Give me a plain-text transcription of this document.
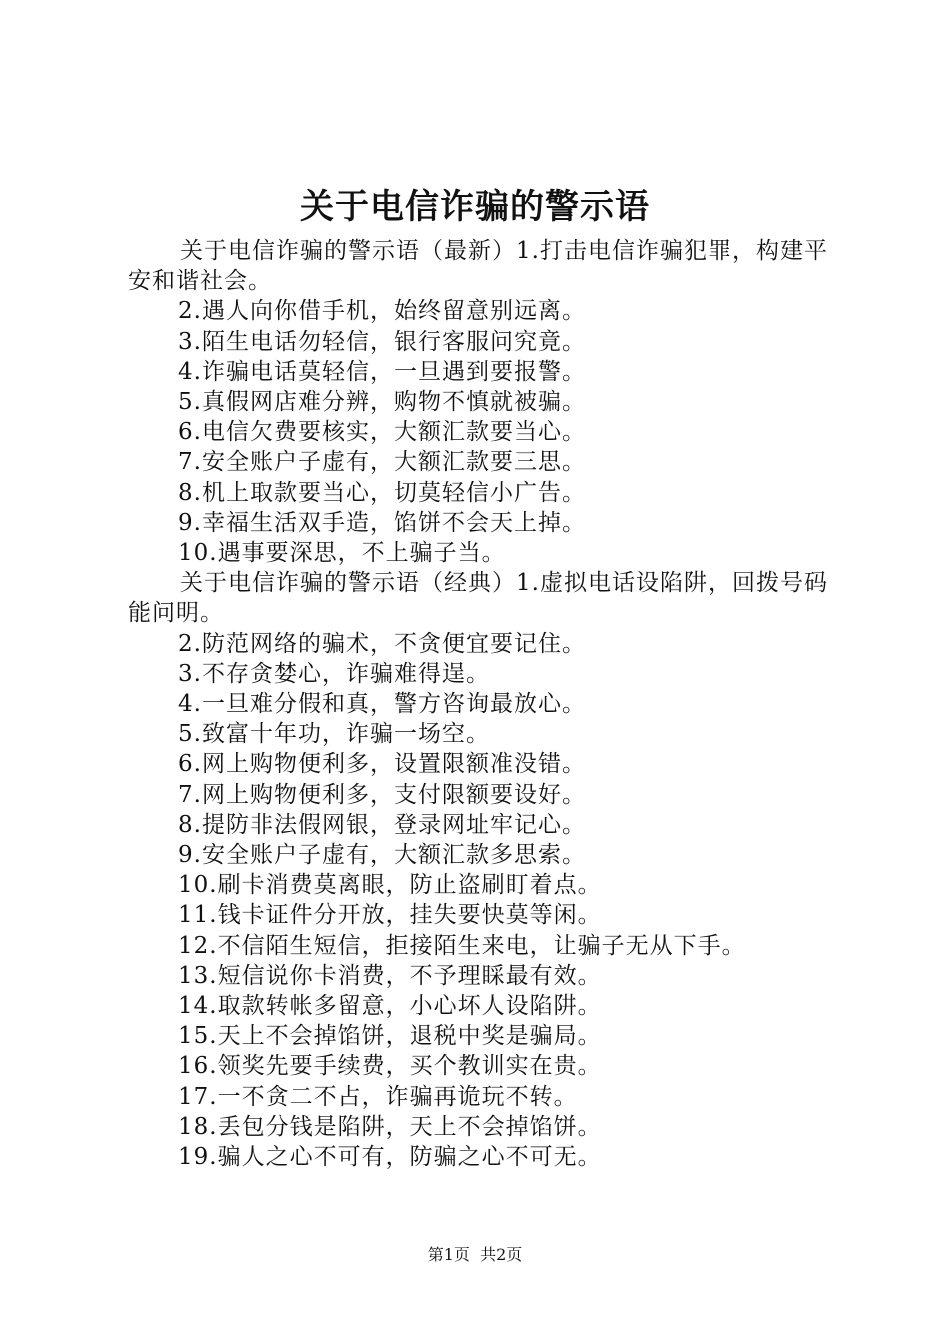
关于电信诈骗的警示语

关于电信诈骗的警示语（最新）1.打击电信诈骗犯罪，构建平安和谐社会。

2.遇人向你借手机，始终留意别远离。

3.陌生电话勿轻信，银行客服问究竟。

4.诈骗电话莫轻信，一旦遇到要报警。

5.真假网店难分辨，购物不慎就被骗。

6.电信欠费要核实，大额汇款要当心。

7.安全账户子虚有，大额汇款要三思。

8.机上取款要当心，切莫轻信小广告。

9.幸福生活双手造，馅饼不会天上掉。

10.遇事要深思，不上骗子当。

关于电信诈骗的警示语（经典）1.虚拟电话设陷阱，回拨号码能问明。

2.防范网络的骗术，不贪便宜要记住。

3.不存贪婪心，诈骗难得逞。

4.一旦难分假和真，警方咨询最放心。

5.致富十年功，诈骗一场空。

6.网上购物便利多，设置限额准没错。

7.网上购物便利多，支付限额要设好。

8.提防非法假网银，登录网址牢记心。

9.安全账户子虚有，大额汇款多思索。

10.刷卡消费莫离眼，防止盗刷盯着点。

11.钱卡证件分开放，挂失要快莫等闲。

12.不信陌生短信，拒接陌生来电，让骗子无从下手。

13.短信说你卡消费，不予理睬最有效。

14.取款转帐多留意，小心坏人设陷阱。

15.天上不会掉馅饼，退税中奖是骗局。

16.领奖先要手续费，买个教训实在贵。

17.一不贪二不占，诈骗再诡玩不转。

18.丢包分钱是陷阱，天上不会掉馅饼。

19.骗人之心不可有，防骗之心不可无。

第1页 共2页
